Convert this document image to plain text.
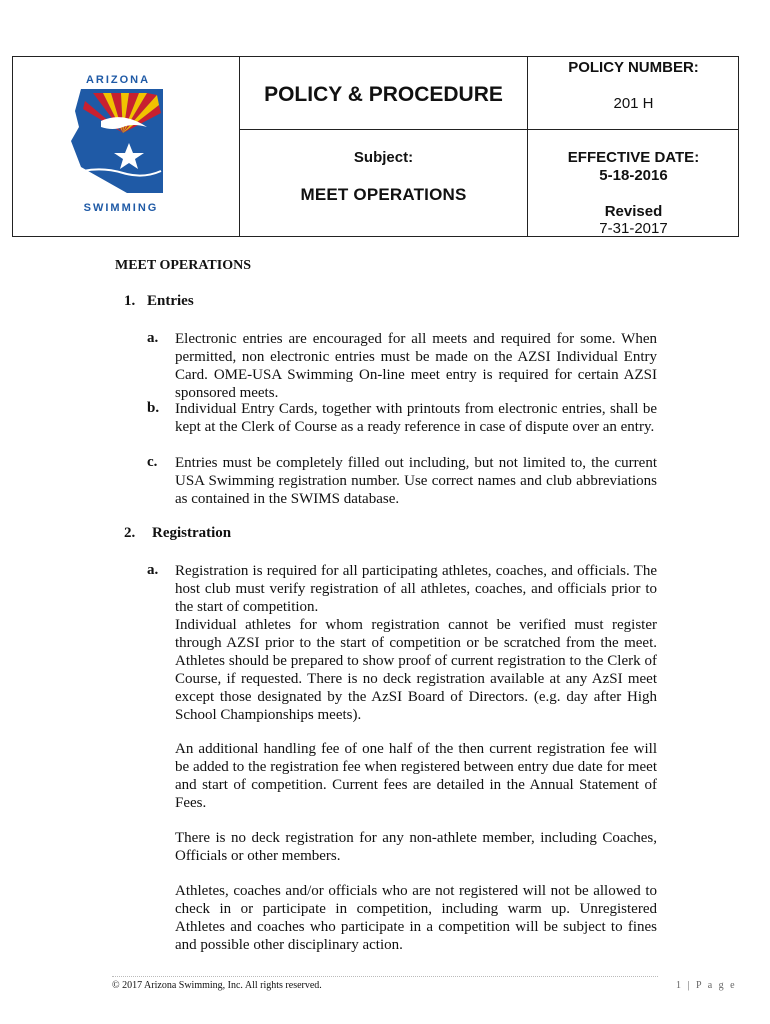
ARIZONA
SWIMMING
POLICY NUMBER:
201 H
POLICY & PROCEDURE
Subject:
MEET OPERATIONS
EFFECTIVE DATE:
5-18-2016
Revised
7-31-2017
MEET OPERATIONS
1. Entries
a. Electronic entries are encouraged for all meets and required for some. When permitted, non electronic entries must be made on the AZSI Individual Entry Card. OME-USA Swimming On-line meet entry is required for certain AZSI sponsored meets.
b. Individual Entry Cards, together with printouts from electronic entries, shall be kept at the Clerk of Course as a ready reference in case of dispute over an entry.
c. Entries must be completely filled out including, but not limited to, the current USA Swimming registration number. Use correct names and club abbreviations as contained in the SWIMS database.
2. Registration
a. Registration is required for all participating athletes, coaches, and officials. The host club must verify registration of all athletes, coaches, and officials prior to the start of competition.
Individual athletes for whom registration cannot be verified must register through AZSI prior to the start of competition or be scratched from the meet. Athletes should be prepared to show proof of current registration to the Clerk of Course, if requested. There is no deck registration available at any AzSI meet except those designated by the AzSI Board of Directors. (e.g. day after High School Championships meets).
An additional handling fee of one half of the then current registration fee will be added to the registration fee when registered between entry due date for meet and start of competition. Current fees are detailed in the Annual Statement of Fees.
There is no deck registration for any non-athlete member, including Coaches, Officials or other members.
Athletes, coaches and/or officials who are not registered will not be allowed to check in or participate in competition, including warm up. Unregistered Athletes and coaches who participate in a competition will be subject to fines and possible other disciplinary action.
© 2017 Arizona Swimming, Inc. All rights reserved.	1 | P a g e
